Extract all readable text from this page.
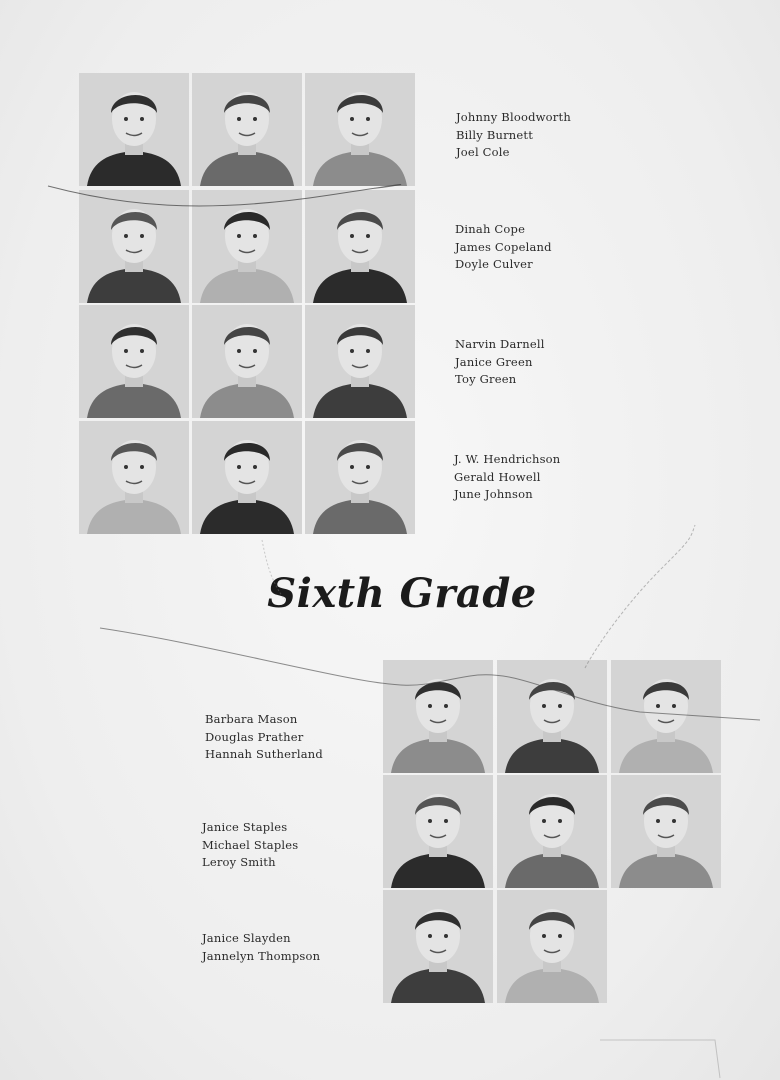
Johnny Bloodworth
Billy Burnett
Joel Cole
Dinah Cope
James Copeland
Doyle Culver
Narvin Darnell
Janice Green
Toy Green
J. W. Hendrichson
Gerald Howell
June Johnson
Sixth Grade
Barbara Mason
Douglas Prather
Hannah Sutherland
Janice Staples
Michael Staples
Leroy Smith
Janice Slayden
Jannelyn Thompson
